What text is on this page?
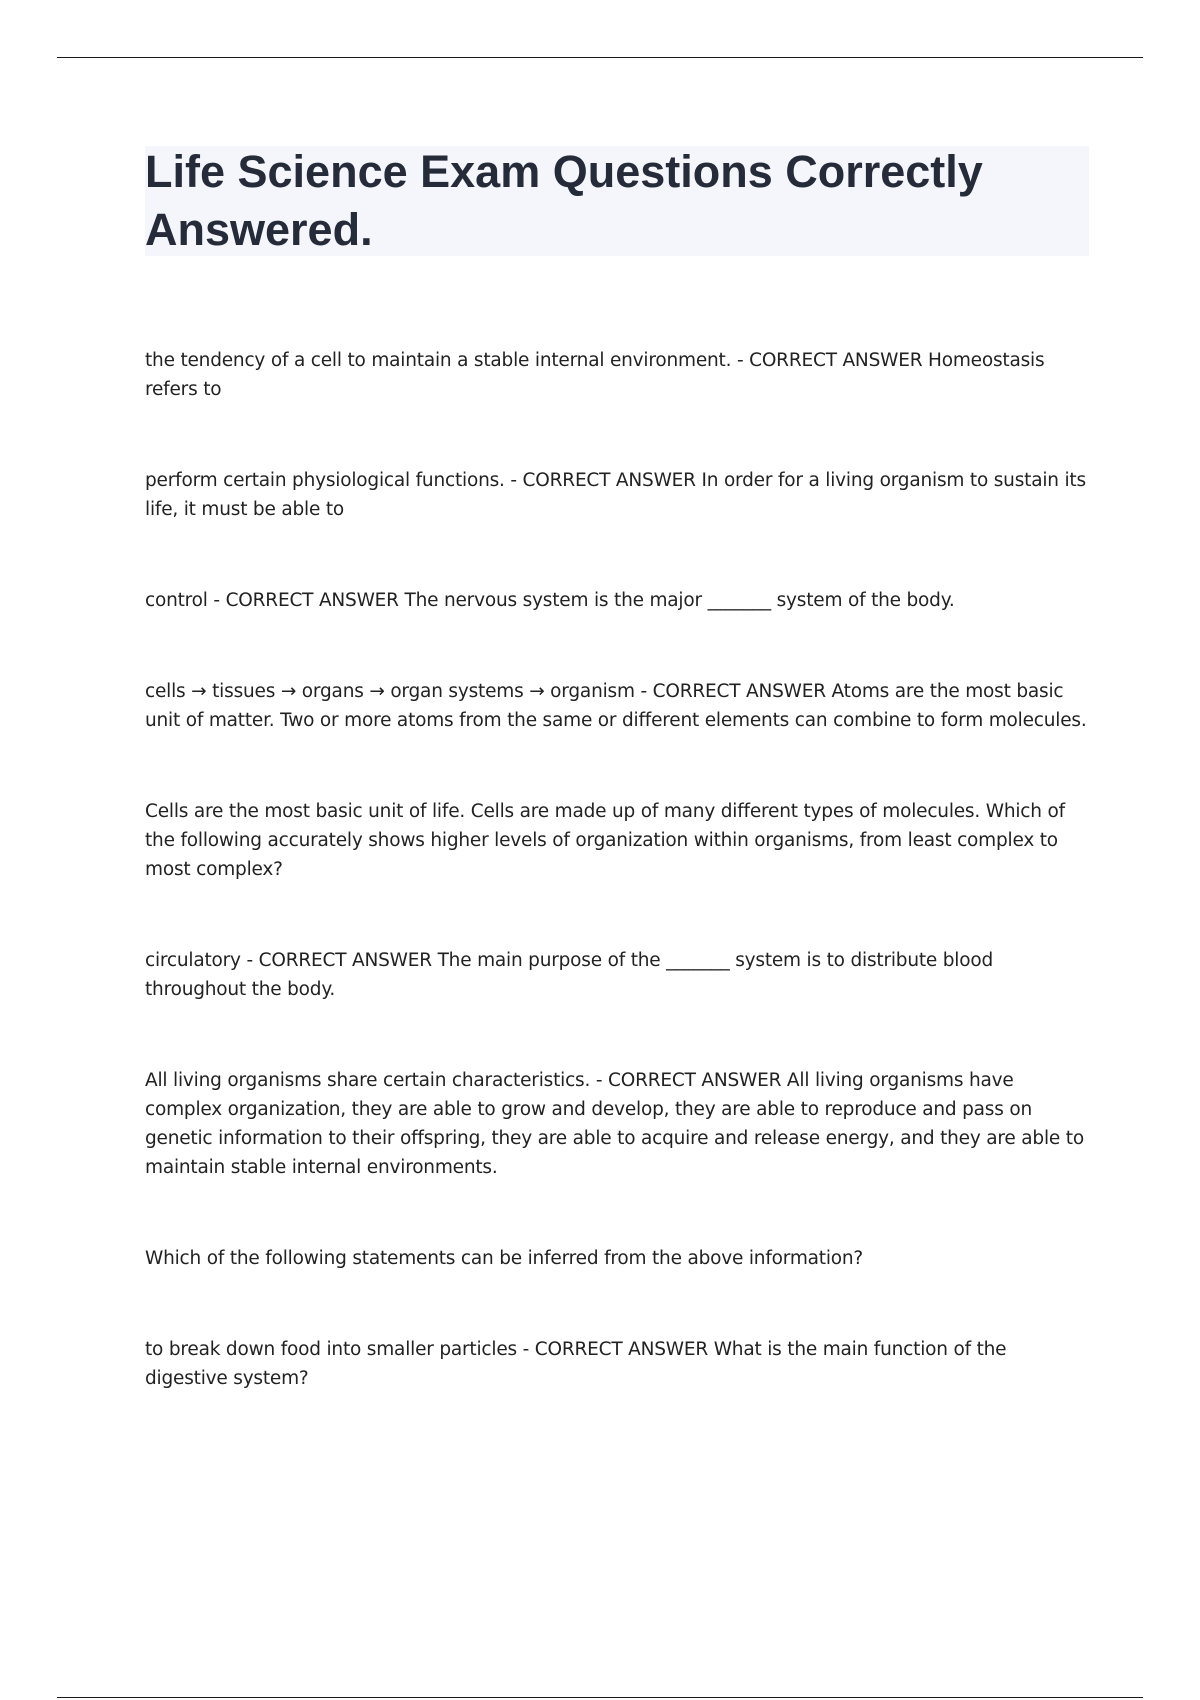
Life Science Exam Questions Correctly Answered.

the tendency of a cell to maintain a stable internal environment. - CORRECT ANSWER Homeostasis refers to

perform certain physiological functions. - CORRECT ANSWER In order for a living organism to sustain its life, it must be able to

control - CORRECT ANSWER The nervous system is the major _______ system of the body.

cells → tissues → organs → organ systems → organism - CORRECT ANSWER Atoms are the most basic unit of matter. Two or more atoms from the same or different elements can combine to form molecules.

Cells are the most basic unit of life. Cells are made up of many different types of molecules. Which of the following accurately shows higher levels of organization within organisms, from least complex to most complex?

circulatory - CORRECT ANSWER The main purpose of the _______ system is to distribute blood throughout the body.

All living organisms share certain characteristics. - CORRECT ANSWER All living organisms have complex organization, they are able to grow and develop, they are able to reproduce and pass on genetic information to their offspring, they are able to acquire and release energy, and they are able to maintain stable internal environments.

Which of the following statements can be inferred from the above information?

to break down food into smaller particles - CORRECT ANSWER What is the main function of the digestive system?
